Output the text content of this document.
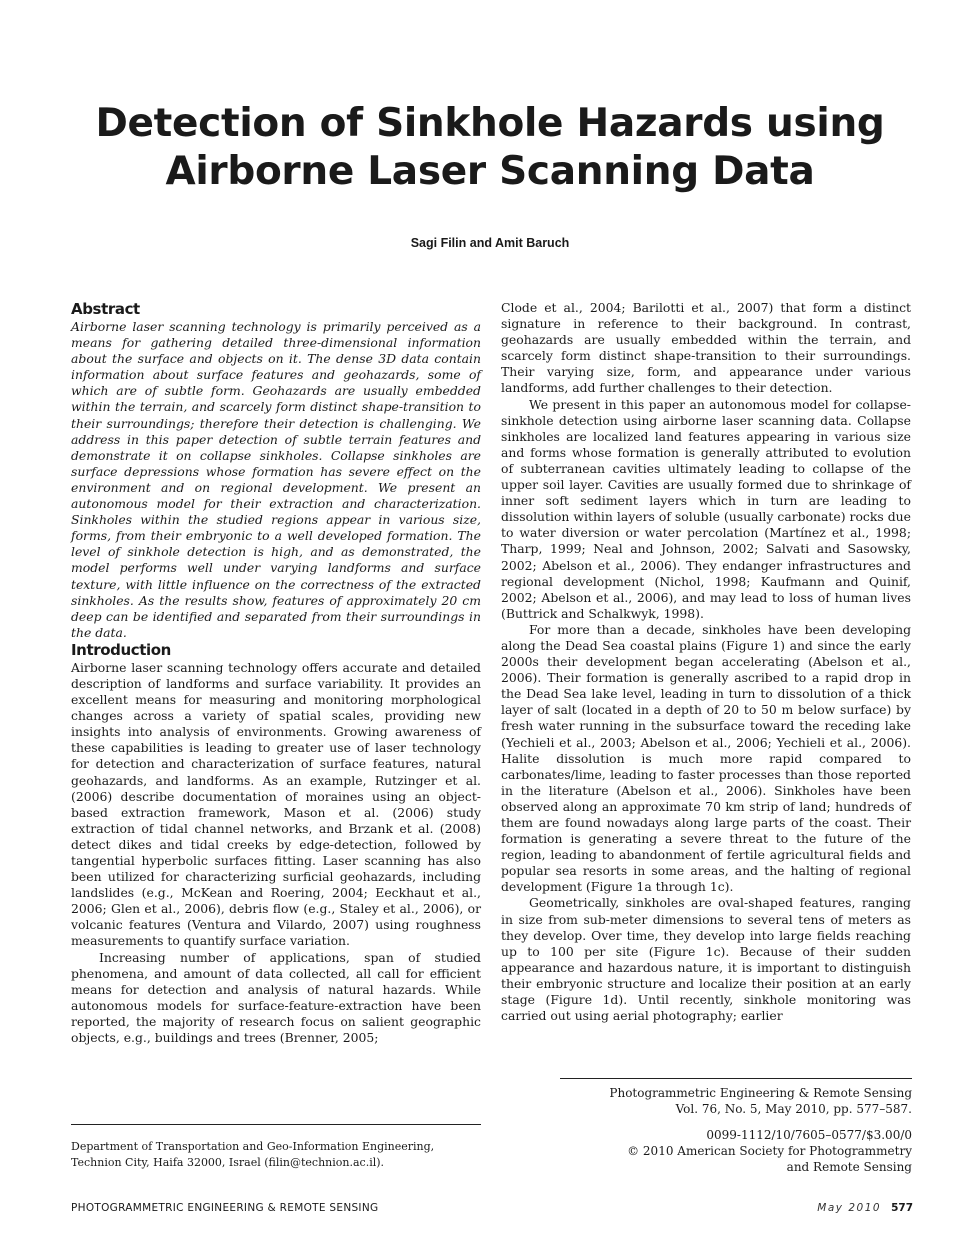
Detection of Sinkhole Hazards using
Airborne Laser Scanning Data

Sagi Filin and Amit Baruch

Abstract

Airborne laser scanning technology is primarily perceived as a means for gathering detailed three-dimensional information about the surface and objects on it. The dense 3D data contain information about surface features and geohazards, some of which are of subtle form. Geohazards are usually embedded within the terrain, and scarcely form distinct shape-transition to their surroundings; therefore their detection is challenging. We address in this paper detection of subtle terrain features and demonstrate it on collapse sinkholes. Collapse sinkholes are surface depressions whose formation has severe effect on the environment and on regional development. We present an autonomous model for their extraction and characterization. Sinkholes within the studied regions appear in various size, forms, from their embryonic to a well developed formation. The level of sinkhole detection is high, and as demonstrated, the model performs well under varying landforms and surface texture, with little influence on the correctness of the extracted sinkholes. As the results show, features of approximately 20 cm deep can be identified and separated from their surroundings in the data.

Introduction

Airborne laser scanning technology offers accurate and detailed description of landforms and surface variability. It provides an excellent means for measuring and monitoring morphological changes across a variety of spatial scales, providing new insights into analysis of environments. Growing awareness of these capabilities is leading to greater use of laser technology for detection and characterization of surface features, natural geohazards, and landforms. As an example, Rutzinger et al. (2006) describe documentation of moraines using an object-based extraction framework, Mason et al. (2006) study extraction of tidal channel networks, and Brzank et al. (2008) detect dikes and tidal creeks by edge-detection, followed by tangential hyperbolic surfaces fitting. Laser scanning has also been utilized for characterizing surficial geohazards, including landslides (e.g., McKean and Roering, 2004; Eeckhaut et al., 2006; Glen et al., 2006), debris flow (e.g., Staley et al., 2006), or volcanic features (Ventura and Vilardo, 2007) using roughness measurements to quantify surface variation.

Increasing number of applications, span of studied phenomena, and amount of data collected, all call for efficient means for detection and analysis of natural hazards. While autonomous models for surface-feature-extraction have been reported, the majority of research focus on salient geographic objects, e.g., buildings and trees (Brenner, 2005;

Clode et al., 2004; Barilotti et al., 2007) that form a distinct signature in reference to their background. In contrast, geohazards are usually embedded within the terrain, and scarcely form distinct shape-transition to their surroundings. Their varying size, form, and appearance under various landforms, add further challenges to their detection.

We present in this paper an autonomous model for collapse-sinkhole detection using airborne laser scanning data. Collapse sinkholes are localized land features appearing in various size and forms whose formation is generally attributed to evolution of subterranean cavities ultimately leading to collapse of the upper soil layer. Cavities are usually formed due to shrinkage of inner soft sediment layers which in turn are leading to dissolution within layers of soluble (usually carbonate) rocks due to water diversion or water percolation (Martínez et al., 1998; Tharp, 1999; Neal and Johnson, 2002; Salvati and Sasowsky, 2002; Abelson et al., 2006). They endanger infrastructures and regional development (Nichol, 1998; Kaufmann and Quinif, 2002; Abelson et al., 2006), and may lead to loss of human lives (Buttrick and Schalkwyk, 1998).

For more than a decade, sinkholes have been developing along the Dead Sea coastal plains (Figure 1) and since the early 2000s their development began accelerating (Abelson et al., 2006). Their formation is generally ascribed to a rapid drop in the Dead Sea lake level, leading in turn to dissolution of a thick layer of salt (located in a depth of 20 to 50 m below surface) by fresh water running in the subsurface toward the receding lake (Yechieli et al., 2003; Abelson et al., 2006; Yechieli et al., 2006). Halite dissolution is much more rapid compared to carbonates/lime, leading to faster processes than those reported in the literature (Abelson et al., 2006). Sinkholes have been observed along an approximate 70 km strip of land; hundreds of them are found nowadays along large parts of the coast. Their formation is generating a severe threat to the future of the region, leading to abandonment of fertile agricultural fields and popular sea resorts in some areas, and the halting of regional development (Figure 1a through 1c).

Geometrically, sinkholes are oval-shaped features, ranging in size from sub-meter dimensions to several tens of meters as they develop. Over time, they develop into large fields reaching up to 100 per site (Figure 1c). Because of their sudden appearance and hazardous nature, it is important to distinguish their embryonic structure and localize their position at an early stage (Figure 1d). Until recently, sinkhole monitoring was carried out using aerial photography; earlier

Department of Transportation and Geo-Information Engineering,

Technion City, Haifa 32000, Israel (filin@technion.ac.il).

Photogrammetric Engineering & Remote Sensing

Vol. 76, No. 5, May 2010, pp. 577–587.

0099-1112/10/7605–0577/$3.00/0

© 2010 American Society for Photogrammetry

and Remote Sensing

PHOTOGRAMMETRIC ENGINEERING & REMOTE SENSING	May 2010 577
